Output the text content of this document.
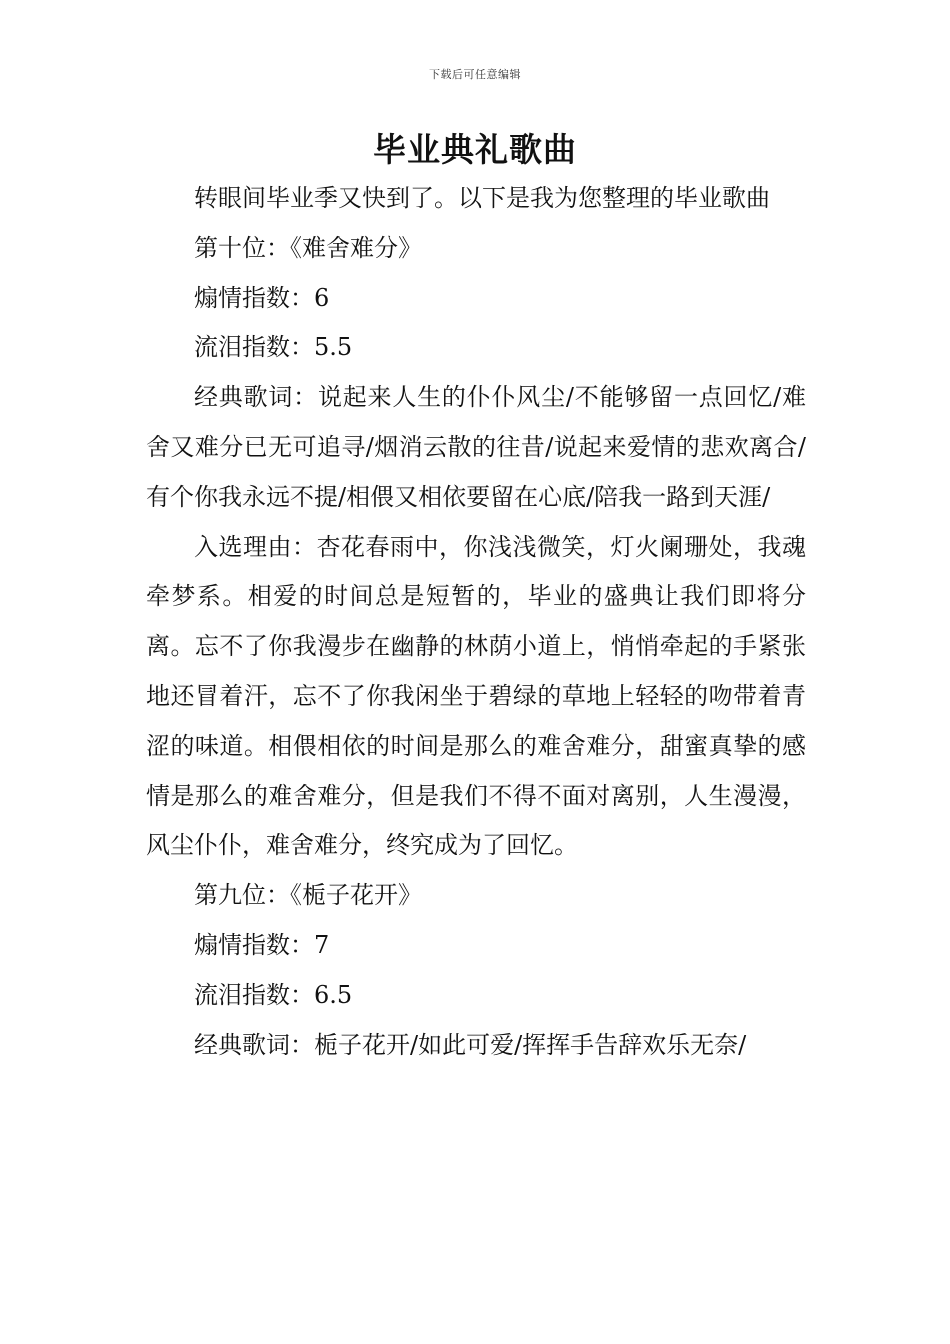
下载后可任意编辑
毕业典礼歌曲

转眼间毕业季又快到了。以下是我为您整理的毕业歌曲

第十位：《难舍难分》

煽情指数：6

流泪指数：5.5

经典歌词：说起来人生的仆仆风尘/不能够留一点回忆/难舍又难分已无可追寻/烟消云散的往昔/说起来爱情的悲欢离合/有个你我永远不提/相偎又相依要留在心底/陪我一路到天涯/

入选理由：杏花春雨中，你浅浅微笑，灯火阑珊处，我魂牵梦系。相爱的时间总是短暂的，毕业的盛典让我们即将分离。忘不了你我漫步在幽静的林荫小道上，悄悄牵起的手紧张地还冒着汗，忘不了你我闲坐于碧绿的草地上轻轻的吻带着青涩的味道。相偎相依的时间是那么的难舍难分，甜蜜真挚的感情是那么的难舍难分，但是我们不得不面对离别，人生漫漫，风尘仆仆，难舍难分，终究成为了回忆。

第九位：《栀子花开》

煽情指数：7

流泪指数：6.5

经典歌词：栀子花开/如此可爱/挥挥手告辞欢乐无奈/
